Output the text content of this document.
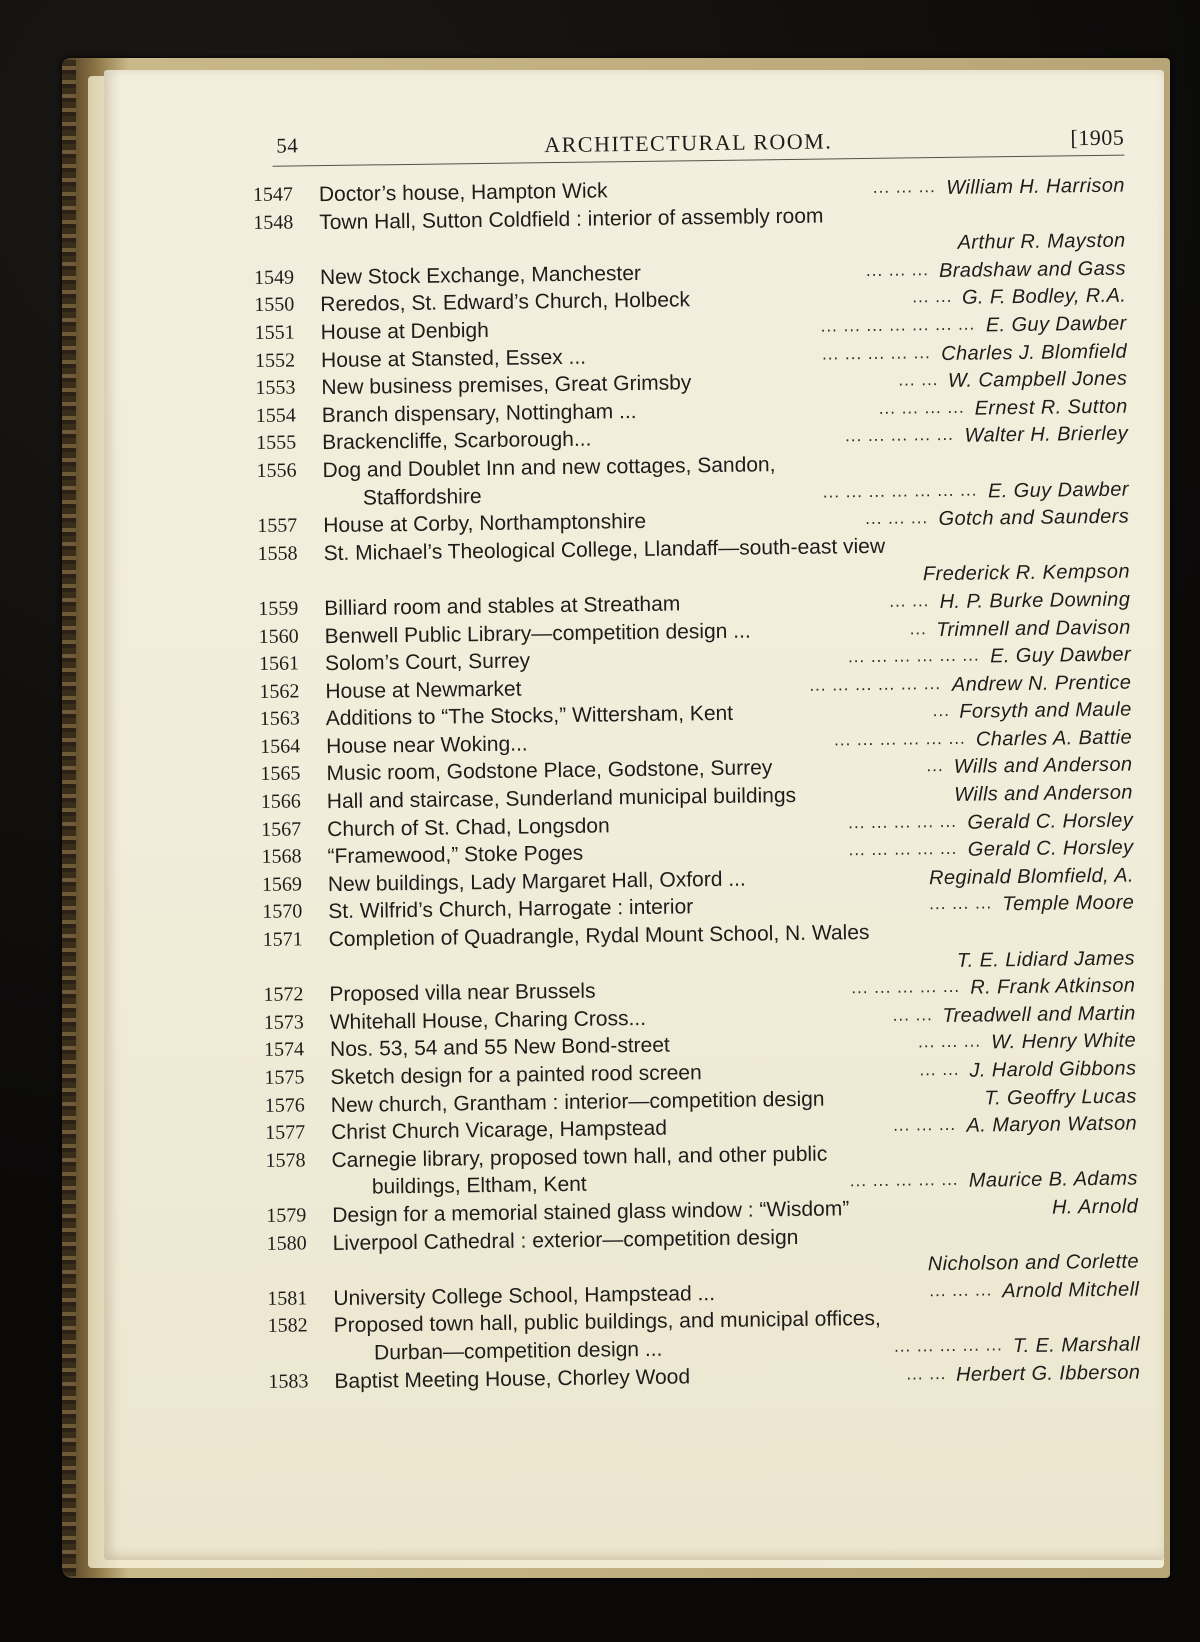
54	ARCHITECTURAL ROOM.	[1905
1547	Doctor’s house, Hampton Wick	... ... ... William H. Harrison
1548	Town Hall, Sutton Coldfield : interior of assembly room
Arthur R. Mayston
1549	New Stock Exchange, Manchester	... ... ... Bradshaw and Gass
1550	Reredos, St. Edward’s Church, Holbeck	... ... G. F. Bodley, R.A.
1551	House at Denbigh	... ... ... ... ... ... ... E. Guy Dawber
1552	House at Stansted, Essex ...	... ... ... ... ... Charles J. Blomfield
1553	New business premises, Great Grimsby	... ... W. Campbell Jones
1554	Branch dispensary, Nottingham ...	... ... ... ... Ernest R. Sutton
1555	Brackencliffe, Scarborough...	... ... ... ... ... Walter H. Brierley
1556	Dog and Doublet Inn and new cottages, Sandon,
Staffordshire	... ... ... ... ... ... ... E. Guy Dawber
1557	House at Corby, Northamptonshire	... ... ... Gotch and Saunders
1558	St. Michael’s Theological College, Llandaff—south-east view
Frederick R. Kempson
1559	Billiard room and stables at Streatham	... ... H. P. Burke Downing
1560	Benwell Public Library—competition design ...	... Trimnell and Davison
1561	Solom’s Court, Surrey	... ... ... ... ... ... E. Guy Dawber
1562	House at Newmarket	... ... ... ... ... ... Andrew N. Prentice
1563	Additions to “The Stocks,” Wittersham, Kent	... Forsyth and Maule
1564	House near Woking...	... ... ... ... ... ... Charles A. Battie
1565	Music room, Godstone Place, Godstone, Surrey	... Wills and Anderson
1566	Hall and staircase, Sunderland municipal buildings	Wills and Anderson
1567	Church of St. Chad, Longsdon	... ... ... ... ... Gerald C. Horsley
1568	“Framewood,” Stoke Poges	... ... ... ... ... Gerald C. Horsley
1569	New buildings, Lady Margaret Hall, Oxford ...	Reginald Blomfield, A.
1570	St. Wilfrid’s Church, Harrogate : interior	... ... ... Temple Moore
1571	Completion of Quadrangle, Rydal Mount School, N. Wales
T. E. Lidiard James
1572	Proposed villa near Brussels	... ... ... ... ... R. Frank Atkinson
1573	Whitehall House, Charing Cross...	... ... Treadwell and Martin
1574	Nos. 53, 54 and 55 New Bond-street	... ... ... W. Henry White
1575	Sketch design for a painted rood screen	... ... J. Harold Gibbons
1576	New church, Grantham : interior—competition design	T. Geoffry Lucas
1577	Christ Church Vicarage, Hampstead	... ... ... A. Maryon Watson
1578	Carnegie library, proposed town hall, and other public
buildings, Eltham, Kent	... ... ... ... ... Maurice B. Adams
1579	Design for a memorial stained glass window : “Wisdom”	H. Arnold
1580	Liverpool Cathedral : exterior—competition design
Nicholson and Corlette
1581	University College School, Hampstead ...	... ... ... Arnold Mitchell
1582	Proposed town hall, public buildings, and municipal offices,
Durban—competition design ...	... ... ... ... ... T. E. Marshall
1583	Baptist Meeting House, Chorley Wood	... ... Herbert G. Ibberson
